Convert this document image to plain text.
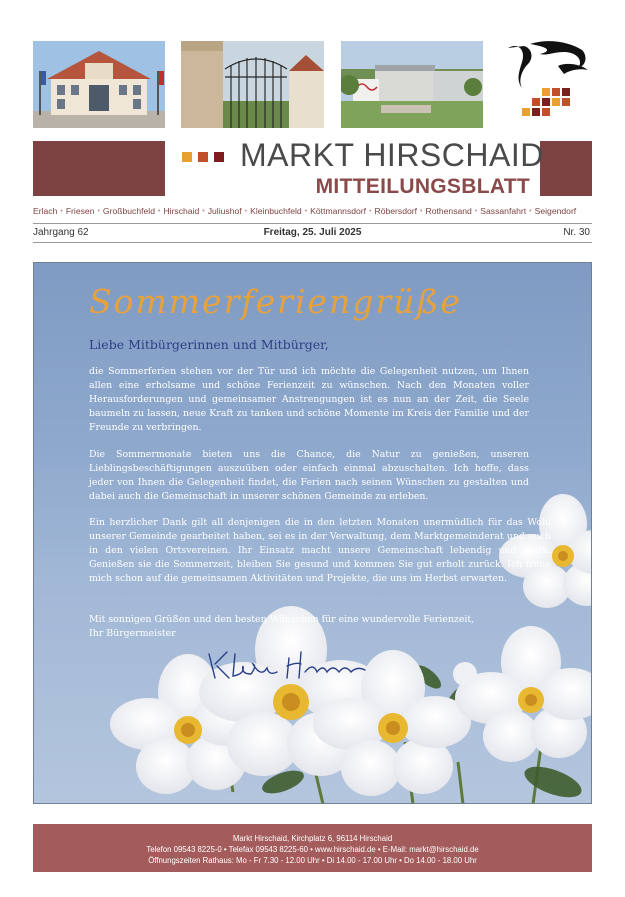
MARKT HIRSCHAID
MITTEILUNGSBLATT
Erlach • Friesen • Großbuchfeld • Hirschaid • Juliushof • Kleinbuchfeld • Köttmannsdorf • Röbersdorf • Rothensand • Sassanfahrt • Seigendorf
Jahrgang 62	Freitag, 25. Juli 2025	Nr. 30
Sommerferiengrüße
Liebe Mitbürgerinnen und Mitbürger,
die Sommerferien stehen vor der Tür und ich möchte die Gelegenheit nutzen, um Ihnen allen eine erholsame und schöne Ferienzeit zu wünschen. Nach den Monaten voller Herausforderungen und gemeinsamer Anstrengungen ist es nun an der Zeit, die Seele baumeln zu lassen, neue Kraft zu tanken und schöne Momente im Kreis der Familie und der Freunde zu verbringen.
Die Sommermonate bieten uns die Chance, die Natur zu genießen, unseren Lieblingsbeschäftigungen auszuüben oder einfach einmal abzuschalten. Ich hoffe, dass jeder von Ihnen die Gelegenheit findet, die Ferien nach seinen Wünschen zu gestalten und dabei auch die Gemeinschaft in unserer schönen Gemeinde zu erleben.
Ein herzlicher Dank gilt all denjenigen die in den letzten Monaten unermüdlich für das Wohl unserer Gemeinde gearbeitet haben, sei es in der Verwaltung, dem Marktgemeinderat und auch in den vielen Ortsvereinen. Ihr Einsatz macht unsere Gemeinschaft lebendig und stark. Genießen sie die Sommerzeit, bleiben Sie gesund und kommen Sie gut erholt zurück. Ich freue mich schon auf die gemeinsamen Aktivitäten und Projekte, die uns im Herbst erwarten.
Mit sonnigen Grüßen und den besten Wünschen für eine wundervolle Ferienzeit,
Ihr Bürgermeister
Markt Hirschaid, Kirchplatz 6, 96114 Hirschaid
Telefon 09543 8225-0 • Telefax 09543 8225-60 • www.hirschaid.de • E-Mail: markt@hirschaid.de
Öffnungszeiten Rathaus: Mo - Fr 7.30 - 12.00 Uhr • Di 14.00 - 17.00 Uhr • Do 14.00 - 18.00 Uhr
